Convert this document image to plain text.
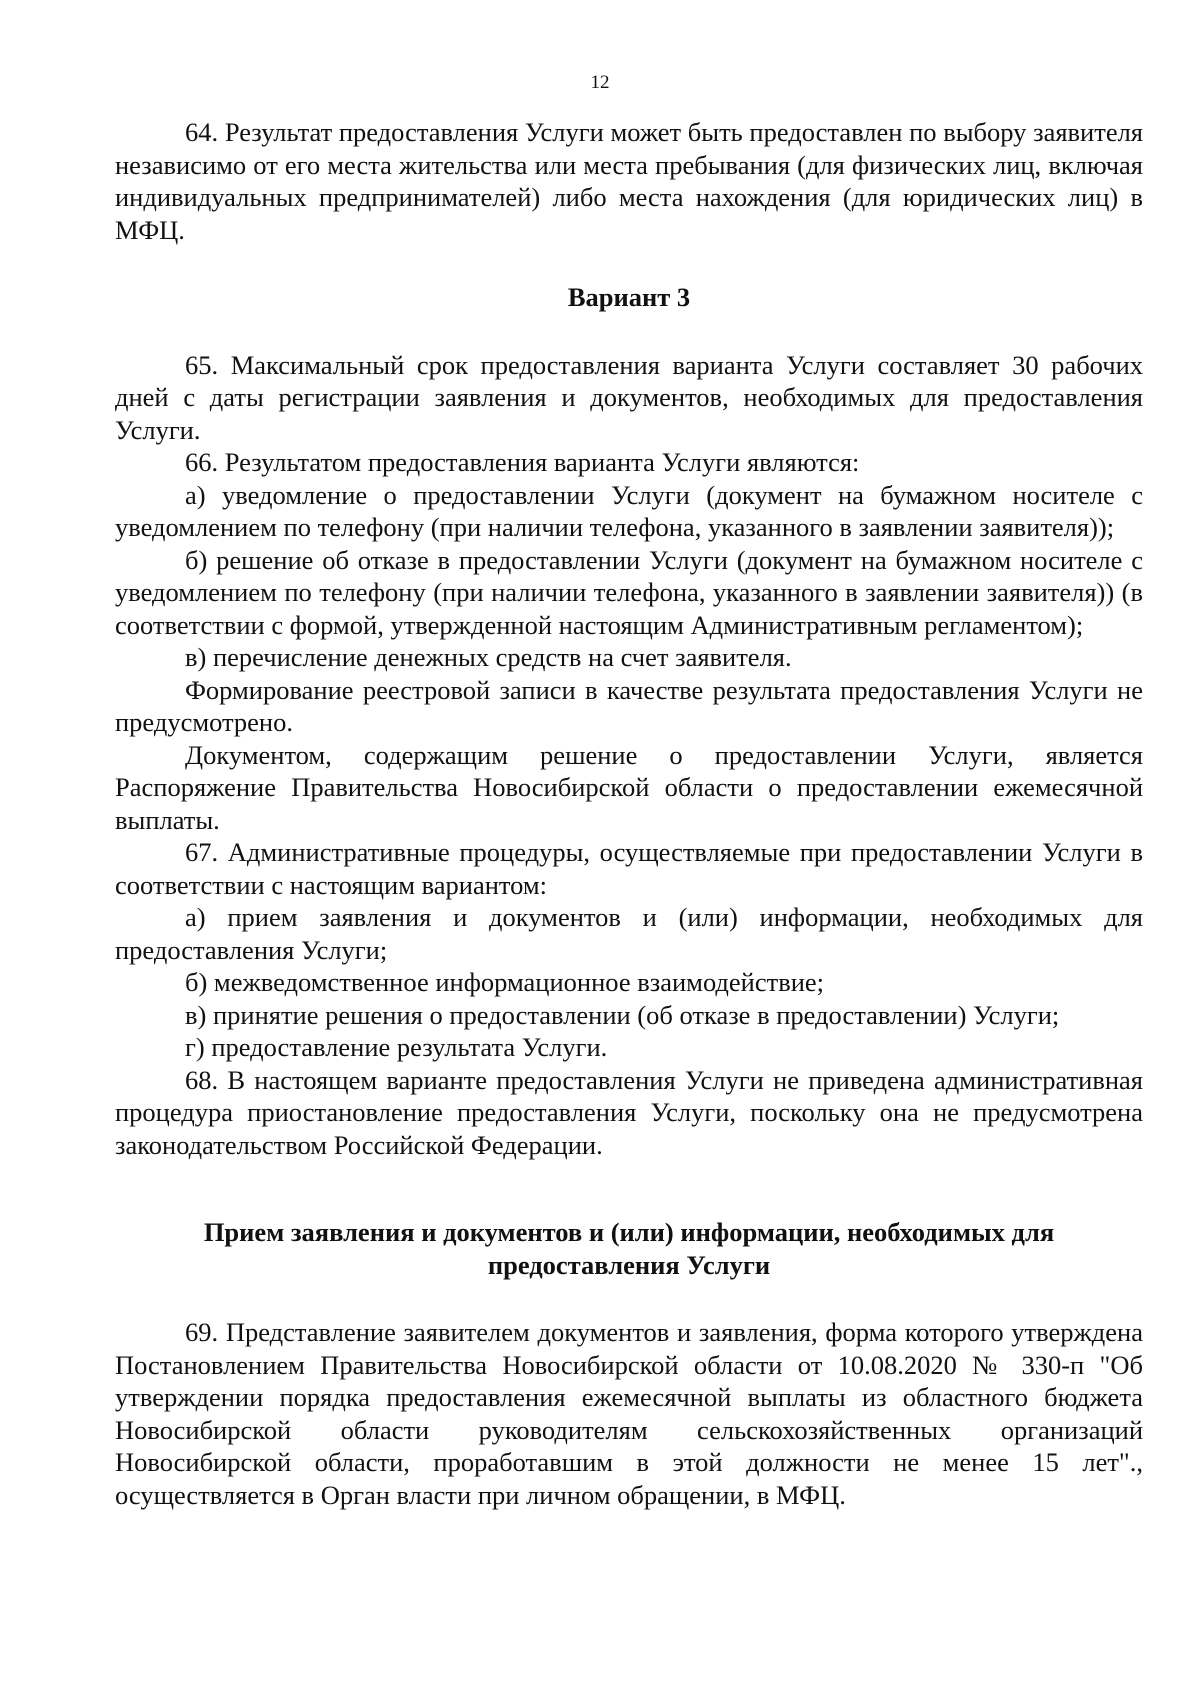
12

64. Результат предоставления Услуги может быть предоставлен по выбору заявителя независимо от его места жительства или места пребывания (для физических лиц, включая индивидуальных предпринимателей) либо места нахождения (для юридических лиц) в МФЦ.

Вариант 3

65. Максимальный срок предоставления варианта Услуги составляет 30 рабочих дней с даты регистрации заявления и документов, необходимых для предоставления Услуги.

66. Результатом предоставления варианта Услуги являются:

а) уведомление о предоставлении Услуги (документ на бумажном носителе с уведомлением по телефону (при наличии телефона, указанного в заявлении заявителя));

б) решение об отказе в предоставлении Услуги (документ на бумажном носителе с уведомлением по телефону (при наличии телефона, указанного в заявлении заявителя)) (в соответствии с формой, утвержденной настоящим Административным регламентом);

в) перечисление денежных средств на счет заявителя.

Формирование реестровой записи в качестве результата предоставления Услуги не предусмотрено.

Документом, содержащим решение о предоставлении Услуги, является Распоряжение Правительства Новосибирской области о предоставлении ежемесячной выплаты.

67. Административные процедуры, осуществляемые при предоставлении Услуги в соответствии с настоящим вариантом:

а) прием заявления и документов и (или) информации, необходимых для предоставления Услуги;

б) межведомственное информационное взаимодействие;

в) принятие решения о предоставлении (об отказе в предоставлении) Услуги;

г) предоставление результата Услуги.

68. В настоящем варианте предоставления Услуги не приведена административная процедура приостановление предоставления Услуги, поскольку она не предусмотрена законодательством Российской Федерации.

Прием заявления и документов и (или) информации, необходимых для предоставления Услуги

69. Представление заявителем документов и заявления, форма которого утверждена Постановлением Правительства Новосибирской области от 10.08.2020 № 330-п "Об утверждении порядка предоставления ежемесячной выплаты из областного бюджета Новосибирской области руководителям сельскохозяйственных организаций Новосибирской области, проработавшим в этой должности не менее 15 лет"., осуществляется в Орган власти при личном обращении, в МФЦ.
